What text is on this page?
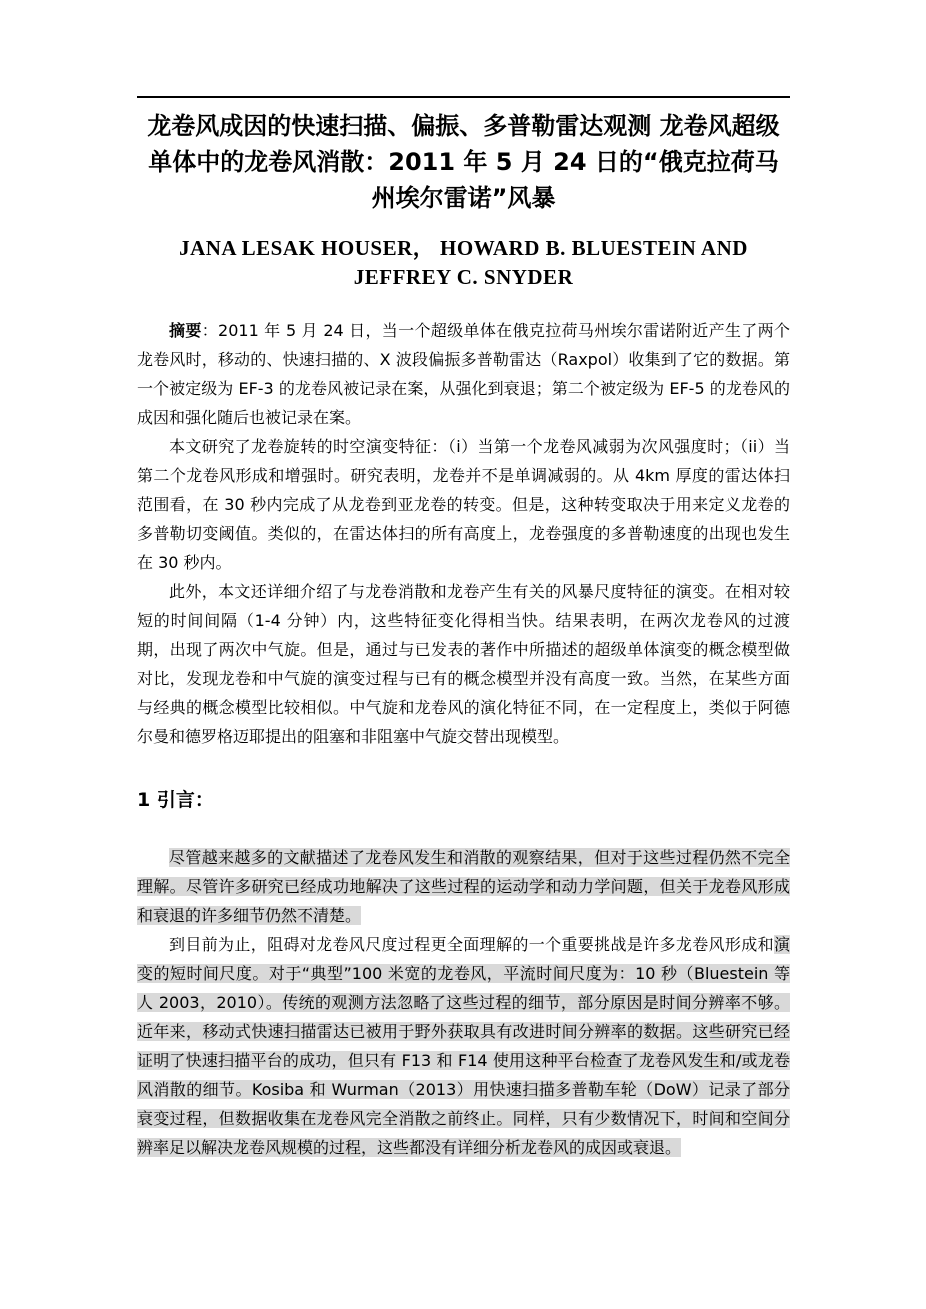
龙卷风成因的快速扫描、偏振、多普勒雷达观测 龙卷风超级单体中的龙卷风消散：2011 年 5 月 24 日的“俄克拉荷马州埃尔雷诺”风暴
JANA LESAK HOUSER， HOWARD B. BLUESTEIN AND JEFFREY C. SNYDER

摘要：2011 年 5 月 24 日，当一个超级单体在俄克拉荷马州埃尔雷诺附近产生了两个龙卷风时，移动的、快速扫描的、X 波段偏振多普勒雷达（Raxpol）收集到了它的数据。第一个被定级为 EF-3 的龙卷风被记录在案，从强化到衰退；第二个被定级为 EF-5 的龙卷风的成因和强化随后也被记录在案。

本文研究了龙卷旋转的时空演变特征：（i）当第一个龙卷风减弱为次风强度时；（ii）当第二个龙卷风形成和增强时。研究表明，龙卷并不是单调减弱的。从 4km 厚度的雷达体扫范围看，在 30 秒内完成了从龙卷到亚龙卷的转变。但是，这种转变取决于用来定义龙卷的多普勒切变阈值。类似的，在雷达体扫的所有高度上，龙卷强度的多普勒速度的出现也发生在 30 秒内。

此外，本文还详细介绍了与龙卷消散和龙卷产生有关的风暴尺度特征的演变。在相对较短的时间间隔（1-4 分钟）内，这些特征变化得相当快。结果表明，在两次龙卷风的过渡期，出现了两次中气旋。但是，通过与已发表的著作中所描述的超级单体演变的概念模型做对比，发现龙卷和中气旋的演变过程与已有的概念模型并没有高度一致。当然，在某些方面与经典的概念模型比较相似。中气旋和龙卷风的演化特征不同，在一定程度上，类似于阿德尔曼和德罗格迈耶提出的阻塞和非阻塞中气旋交替出现模型。

1 引言：

尽管越来越多的文献描述了龙卷风发生和消散的观察结果，但对于这些过程仍然不完全理解。尽管许多研究已经成功地解决了这些过程的运动学和动力学问题，但关于龙卷风形成和衰退的许多细节仍然不清楚。

到目前为止，阻碍对龙卷风尺度过程更全面理解的一个重要挑战是许多龙卷风形成和演变的短时间尺度。对于“典型”100 米宽的龙卷风，平流时间尺度为：10 秒（Bluestein 等人 2003，2010）。传统的观测方法忽略了这些过程的细节，部分原因是时间分辨率不够。近年来，移动式快速扫描雷达已被用于野外获取具有改进时间分辨率的数据。这些研究已经证明了快速扫描平台的成功，但只有 F13 和 F14 使用这种平台检查了龙卷风发生和/或龙卷风消散的细节。Kosiba 和 Wurman（2013）用快速扫描多普勒车轮（DoW）记录了部分衰变过程，但数据收集在龙卷风完全消散之前终止。同样，只有少数情况下，时间和空间分辨率足以解决龙卷风规模的过程，这些都没有详细分析龙卷风的成因或衰退。
